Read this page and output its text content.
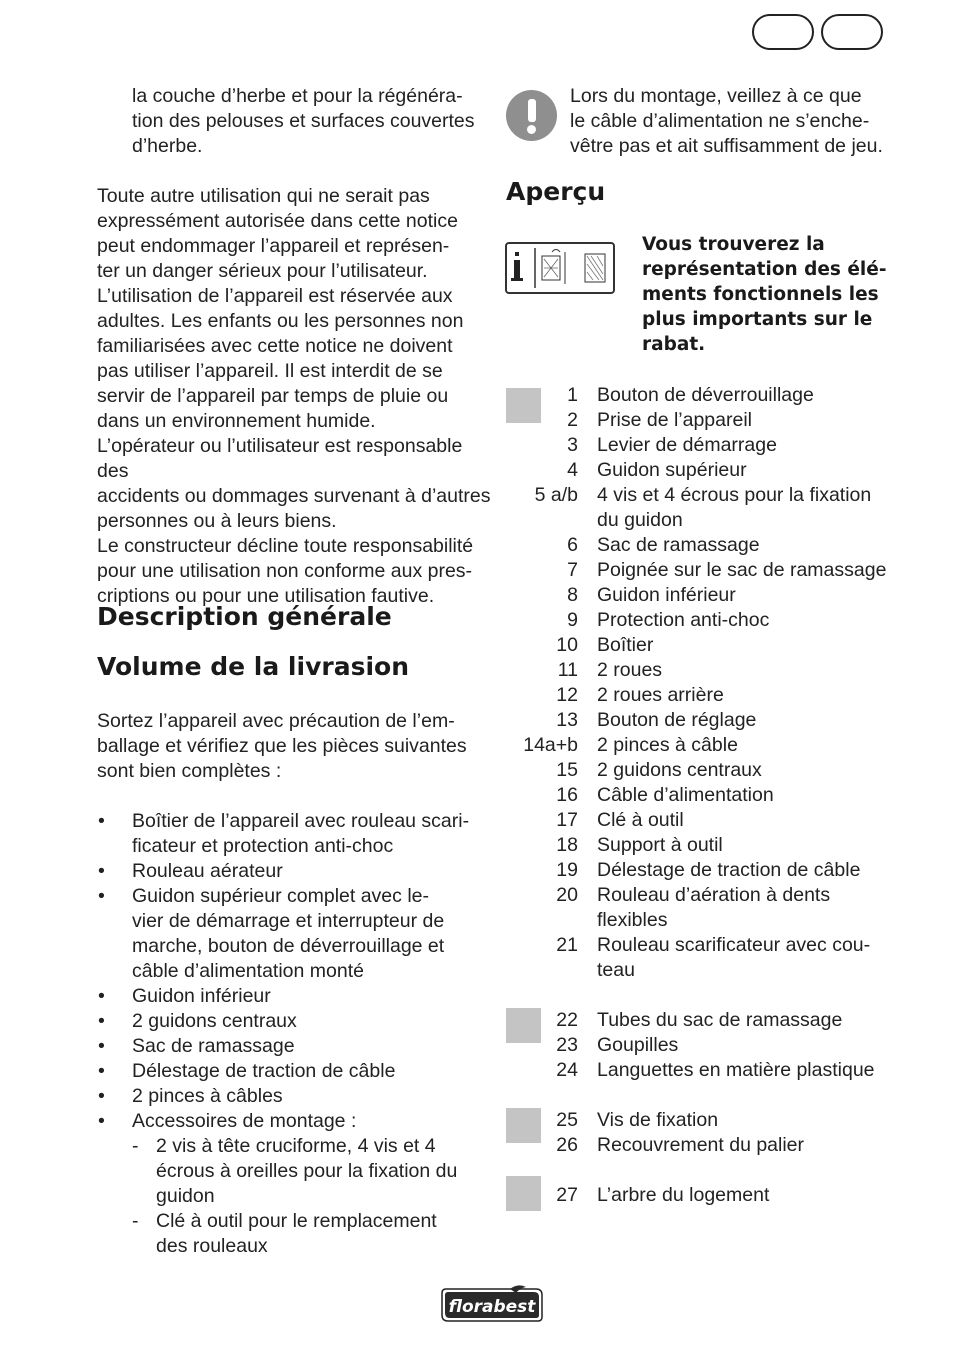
la couche d’herbe et pour la régénéra-
tion des pelouses et surfaces couvertes
d’herbe.
Toute autre utilisation qui ne serait pas
expressément autorisée dans cette notice
peut endommager l’appareil et représen-
ter un danger sérieux pour l’utilisateur.
L’utilisation de l’appareil est réservée aux
adultes. Les enfants ou les personnes non
familiarisées avec cette notice ne doivent
pas utiliser l’appareil. Il est interdit de se
servir de l’appareil par temps de pluie ou
dans un environnement humide.
L’opérateur ou l’utilisateur est responsable des
accidents ou dommages survenant à d’autres
personnes ou à leurs biens.
Le constructeur décline toute responsabilité
pour une utilisation non conforme aux pres-
criptions ou pour une utilisation fautive.
Description générale
Volume de la livrasion
Sortez l’appareil avec précaution de l’em-
ballage et vérifiez que les pièces suivantes
sont bien complètes :
• Boîtier de l’appareil avec rouleau scari-
ficateur et protection anti-choc
• Rouleau aérateur
• Guidon supérieur complet avec le-
vier de démarrage et interrupteur de
marche, bouton de déverrouillage et
câble d’alimentation monté
• Guidon inférieur
• 2 guidons centraux
• Sac de ramassage
• Délestage de traction de câble
• 2 pinces à câbles
• Accessoires de montage :
- 2 vis à tête cruciforme, 4 vis et 4
écrous à oreilles pour la fixation du
guidon
- Clé à outil pour le remplacement
des rouleaux
Lors du montage, veillez à ce que
le câble d’alimentation ne s’enche-
vêtre pas et ait suffisamment de jeu.
Aperçu
Vous trouverez la
représentation des élé-
ments fonctionnels les
plus importants sur le
rabat.
1 Bouton de déverrouillage
2 Prise de l’appareil
3 Levier de démarrage
4 Guidon supérieur
5 a/b 4 vis et 4 écrous pour la fixation
du guidon
6 Sac de ramassage
7 Poignée sur le sac de ramassage
8 Guidon inférieur
9 Protection anti-choc
10 Boîtier
11 2 roues
12 2 roues arrière
13 Bouton de réglage
14a+b 2 pinces à câble
15 2 guidons centraux
16 Câble d’alimentation
17 Clé à outil
18 Support à outil
19 Délestage de traction de câble
20 Rouleau d’aération à dents
flexibles
21 Rouleau scarificateur avec cou-
teau
22 Tubes du sac de ramassage
23 Goupilles
24 Languettes en matière plastique
25 Vis de fixation
26 Recouvrement du palier
27 L’arbre du logement
florabest
